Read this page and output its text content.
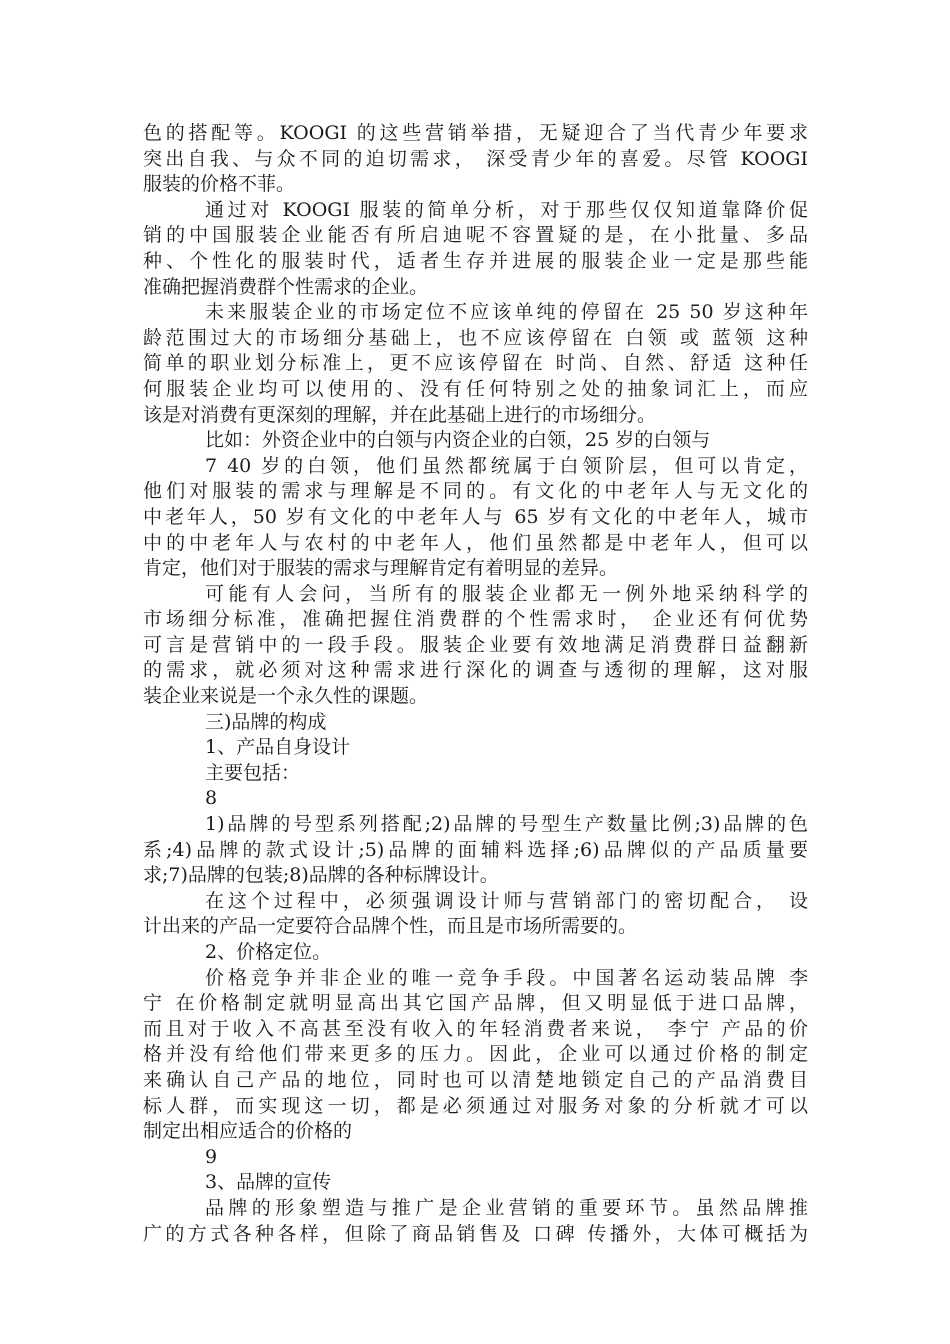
色的搭配等。KOOGI 的这些营销举措，无疑迎合了当代青少年要求
突出自我、与众不同的迫切需求， 深受青少年的喜爱。尽管 KOOGI
服装的价格不菲。
通过对 KOOGI 服装的简单分析，对于那些仅仅知道靠降价促
销的中国服装企业能否有所启迪呢不容置疑的是，在小批量、多品
种、个性化的服装时代，适者生存并进展的服装企业一定是那些能
准确把握消费群个性需求的企业。
未来服装企业的市场定位不应该单纯的停留在 25 50 岁这种年
龄范围过大的市场细分基础上，也不应该停留在 白领 或 蓝领 这种
简单的职业划分标准上，更不应该停留在 时尚、自然、舒适 这种任
何服装企业均可以使用的、没有任何特别之处的抽象词汇上，而应
该是对消费有更深刻的理解，并在此基础上进行的市场细分。
比如：外资企业中的白领与内资企业的白领，25 岁的白领与
7 40 岁的白领，他们虽然都统属于白领阶层，但可以肯定，
他们对服装的需求与理解是不同的。有文化的中老年人与无文化的
中老年人，50 岁有文化的中老年人与 65 岁有文化的中老年人，城市
中的中老年人与农村的中老年人，他们虽然都是中老年人，但可以
肯定，他们对于服装的需求与理解肯定有着明显的差异。
可能有人会问，当所有的服装企业都无一例外地采纳科学的
市场细分标准，准确把握住消费群的个性需求时， 企业还有何优势
可言是营销中的一段手段。服装企业要有效地满足消费群日益翻新
的需求，就必须对这种需求进行深化的调查与透彻的理解，这对服
装企业来说是一个永久性的课题。
三)品牌的构成
1、产品自身设计
主要包括：
8
1)品牌的号型系列搭配;2)品牌的号型生产数量比例;3)品牌的色
系;4)品牌的款式设计;5)品牌的面辅料选择;6)品牌似的产品质量要
求;7)品牌的包装;8)品牌的各种标牌设计。
在这个过程中，必须强调设计师与营销部门的密切配合， 设
计出来的产品一定要符合品牌个性，而且是市场所需要的。
2、价格定位。
价格竞争并非企业的唯一竞争手段。中国著名运动装品牌 李
宁 在价格制定就明显高出其它国产品牌，但又明显低于进口品牌，
而且对于收入不高甚至没有收入的年轻消费者来说， 李宁 产品的价
格并没有给他们带来更多的压力。因此，企业可以通过价格的制定
来确认自己产品的地位，同时也可以清楚地锁定自己的产品消费目
标人群，而实现这一切，都是必须通过对服务对象的分析就才可以
制定出相应适合的价格的
9
3、品牌的宣传
品牌的形象塑造与推广是企业营销的重要环节。虽然品牌推
广的方式各种各样，但除了商品销售及 口碑 传播外，大体可概括为
